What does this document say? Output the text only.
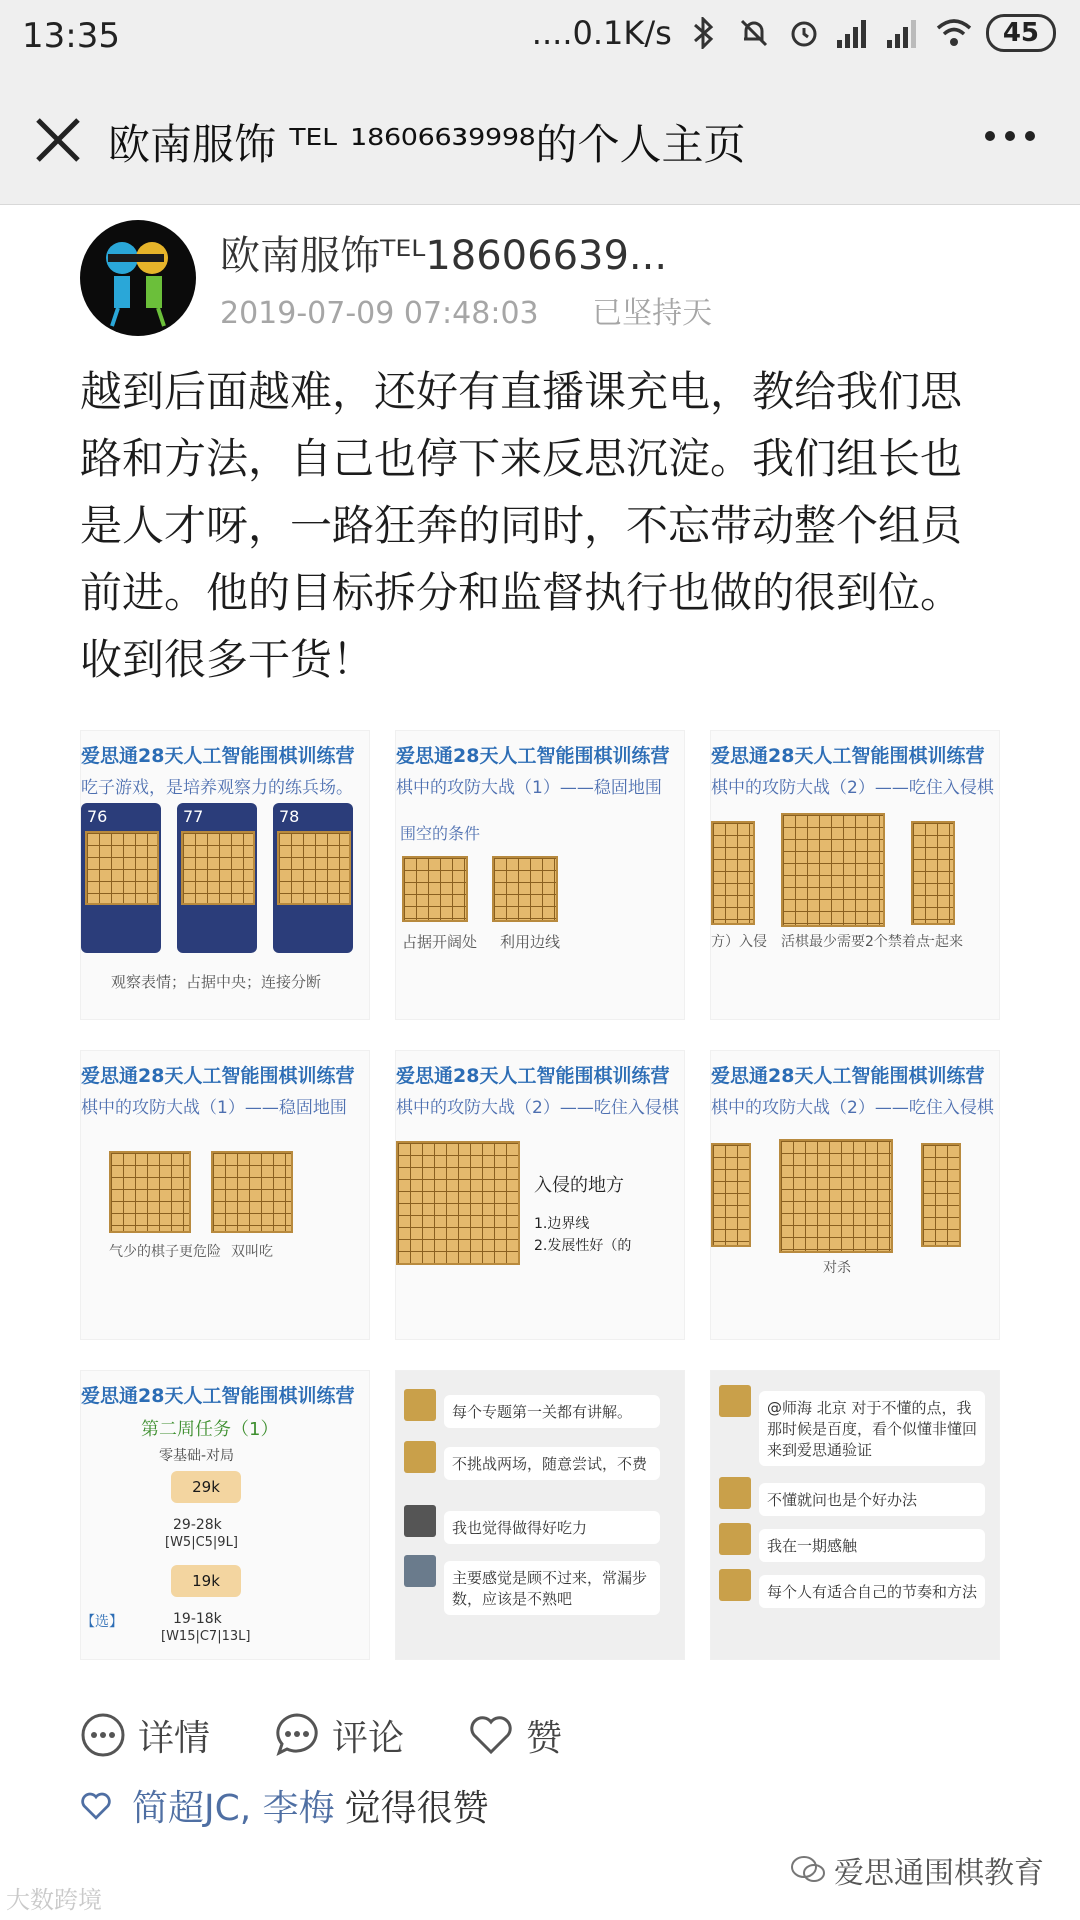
13:35	....0.1K/s	45
欧南服饰 ᵀᴱᴸ ¹⁸⁶⁰⁶⁶³⁹⁹⁹⁸的个人主页
欧南服饰ᵀᴱᴸ18606639...
2019-07-09 07:48:03 已坚持天
越到后面越难，还好有直播课充电，教给我们思路和方法，自己也停下来反思沉淀。我们组长也是人才呀，一路狂奔的同时，不忘带动整个组员前进。他的目标拆分和监督执行也做的很到位。收到很多干货！
爱思通28天人工智能围棋训练营
吃子游戏，是培养观察力的练兵场。
76	77	78
观察表情；占据中央；连接分断
爱思通28天人工智能围棋训练营
棋中的攻防大战（1）——稳固地围
围空的条件
占据开阔处 利用边线
爱思通28天人工智能围棋训练营
棋中的攻防大战（2）——吃住入侵棋
方）入侵 活棋最少需要2个禁着点
一起来
爱思通28天人工智能围棋训练营
棋中的攻防大战（1）——稳固地围
气少的棋子更危险 双叫吃
爱思通28天人工智能围棋训练营
棋中的攻防大战（2）——吃住入侵棋
入侵的地方
1.边界线
2.发展性好（的
爱思通28天人工智能围棋训练营
棋中的攻防大战（2）——吃住入侵棋
对杀
爱思通28天人工智能围棋训练营
第二周任务（1）
零基础-对局
29k
29-28k
[W5|C5|9L]
19k
19-18k
[W15|C7|13L]
【选】
每个专题第一关都有讲解。
不挑战两场，随意尝试，不费
我也觉得做得好吃力
主要感觉是顾不过来，常漏步数，应该是不熟吧
@师海 北京 对于不懂的点，我那时候是百度，看个似懂非懂回来到爱思通验证
不懂就问也是个好办法
我在一期感触
每个人有适合自己的节奏和方法
详情	评论	赞
简超JC, 李梅 觉得很赞
大数跨境
爱思通围棋教育
